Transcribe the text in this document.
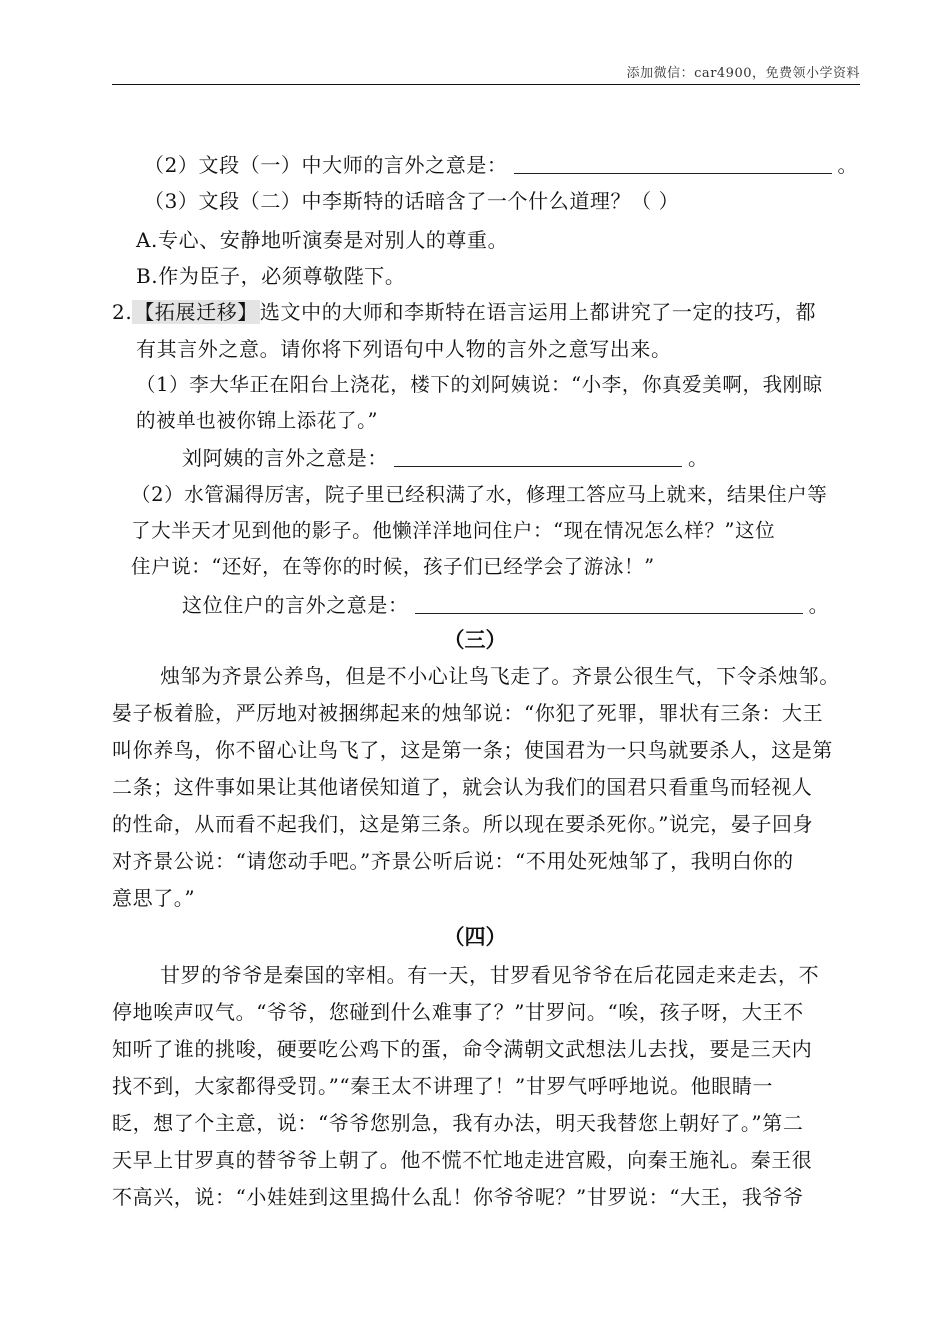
添加微信：car4900，免费领小学资料
（2）文段（一）中大师的言外之意是：	。
（3）文段（二）中李斯特的话暗含了一个什么道理？（ ）
A.专心、安静地听演奏是对别人的尊重。
B.作为臣子，必须尊敬陛下。
2. 【拓展迁移】 选文中的大师和李斯特在语言运用上都讲究了一定的技巧，都
有其言外之意。请你将下列语句中人物的言外之意写出来。
（1）李大华正在阳台上浇花，楼下的刘阿姨说：“小李，你真爱美啊，我刚晾
的被单也被你锦上添花了。”
刘阿姨的言外之意是：	。
（2）水管漏得厉害，院子里已经积满了水，修理工答应马上就来，结果住户等
了大半天才见到他的影子。他懒洋洋地问住户：“现在情况怎么样？”这位
住户说：“还好，在等你的时候，孩子们已经学会了游泳！”
这位住户的言外之意是：	。
（三）
烛邹为齐景公养鸟，但是不小心让鸟飞走了。齐景公很生气，下令杀烛邹。
晏子板着脸，严厉地对被捆绑起来的烛邹说：“你犯了死罪，罪状有三条：大王
叫你养鸟，你不留心让鸟飞了，这是第一条；使国君为一只鸟就要杀人，这是第
二条；这件事如果让其他诸侯知道了，就会认为我们的国君只看重鸟而轻视人
的性命，从而看不起我们，这是第三条。所以现在要杀死你。”说完，晏子回身
对齐景公说：“请您动手吧。”齐景公听后说：“不用处死烛邹了，我明白你的
意思了。”
（四）
甘罗的爷爷是秦国的宰相。有一天，甘罗看见爷爷在后花园走来走去，不
停地唉声叹气。“爷爷，您碰到什么难事了？”甘罗问。“唉，孩子呀，大王不
知听了谁的挑唆，硬要吃公鸡下的蛋，命令满朝文武想法儿去找，要是三天内
找不到，大家都得受罚。”“秦王太不讲理了！”甘罗气呼呼地说。他眼睛一
眨，想了个主意，说：“爷爷您别急，我有办法，明天我替您上朝好了。”第二
天早上甘罗真的替爷爷上朝了。他不慌不忙地走进宫殿，向秦王施礼。秦王很
不高兴，说：“小娃娃到这里捣什么乱！你爷爷呢？”甘罗说：“大王，我爷爷
